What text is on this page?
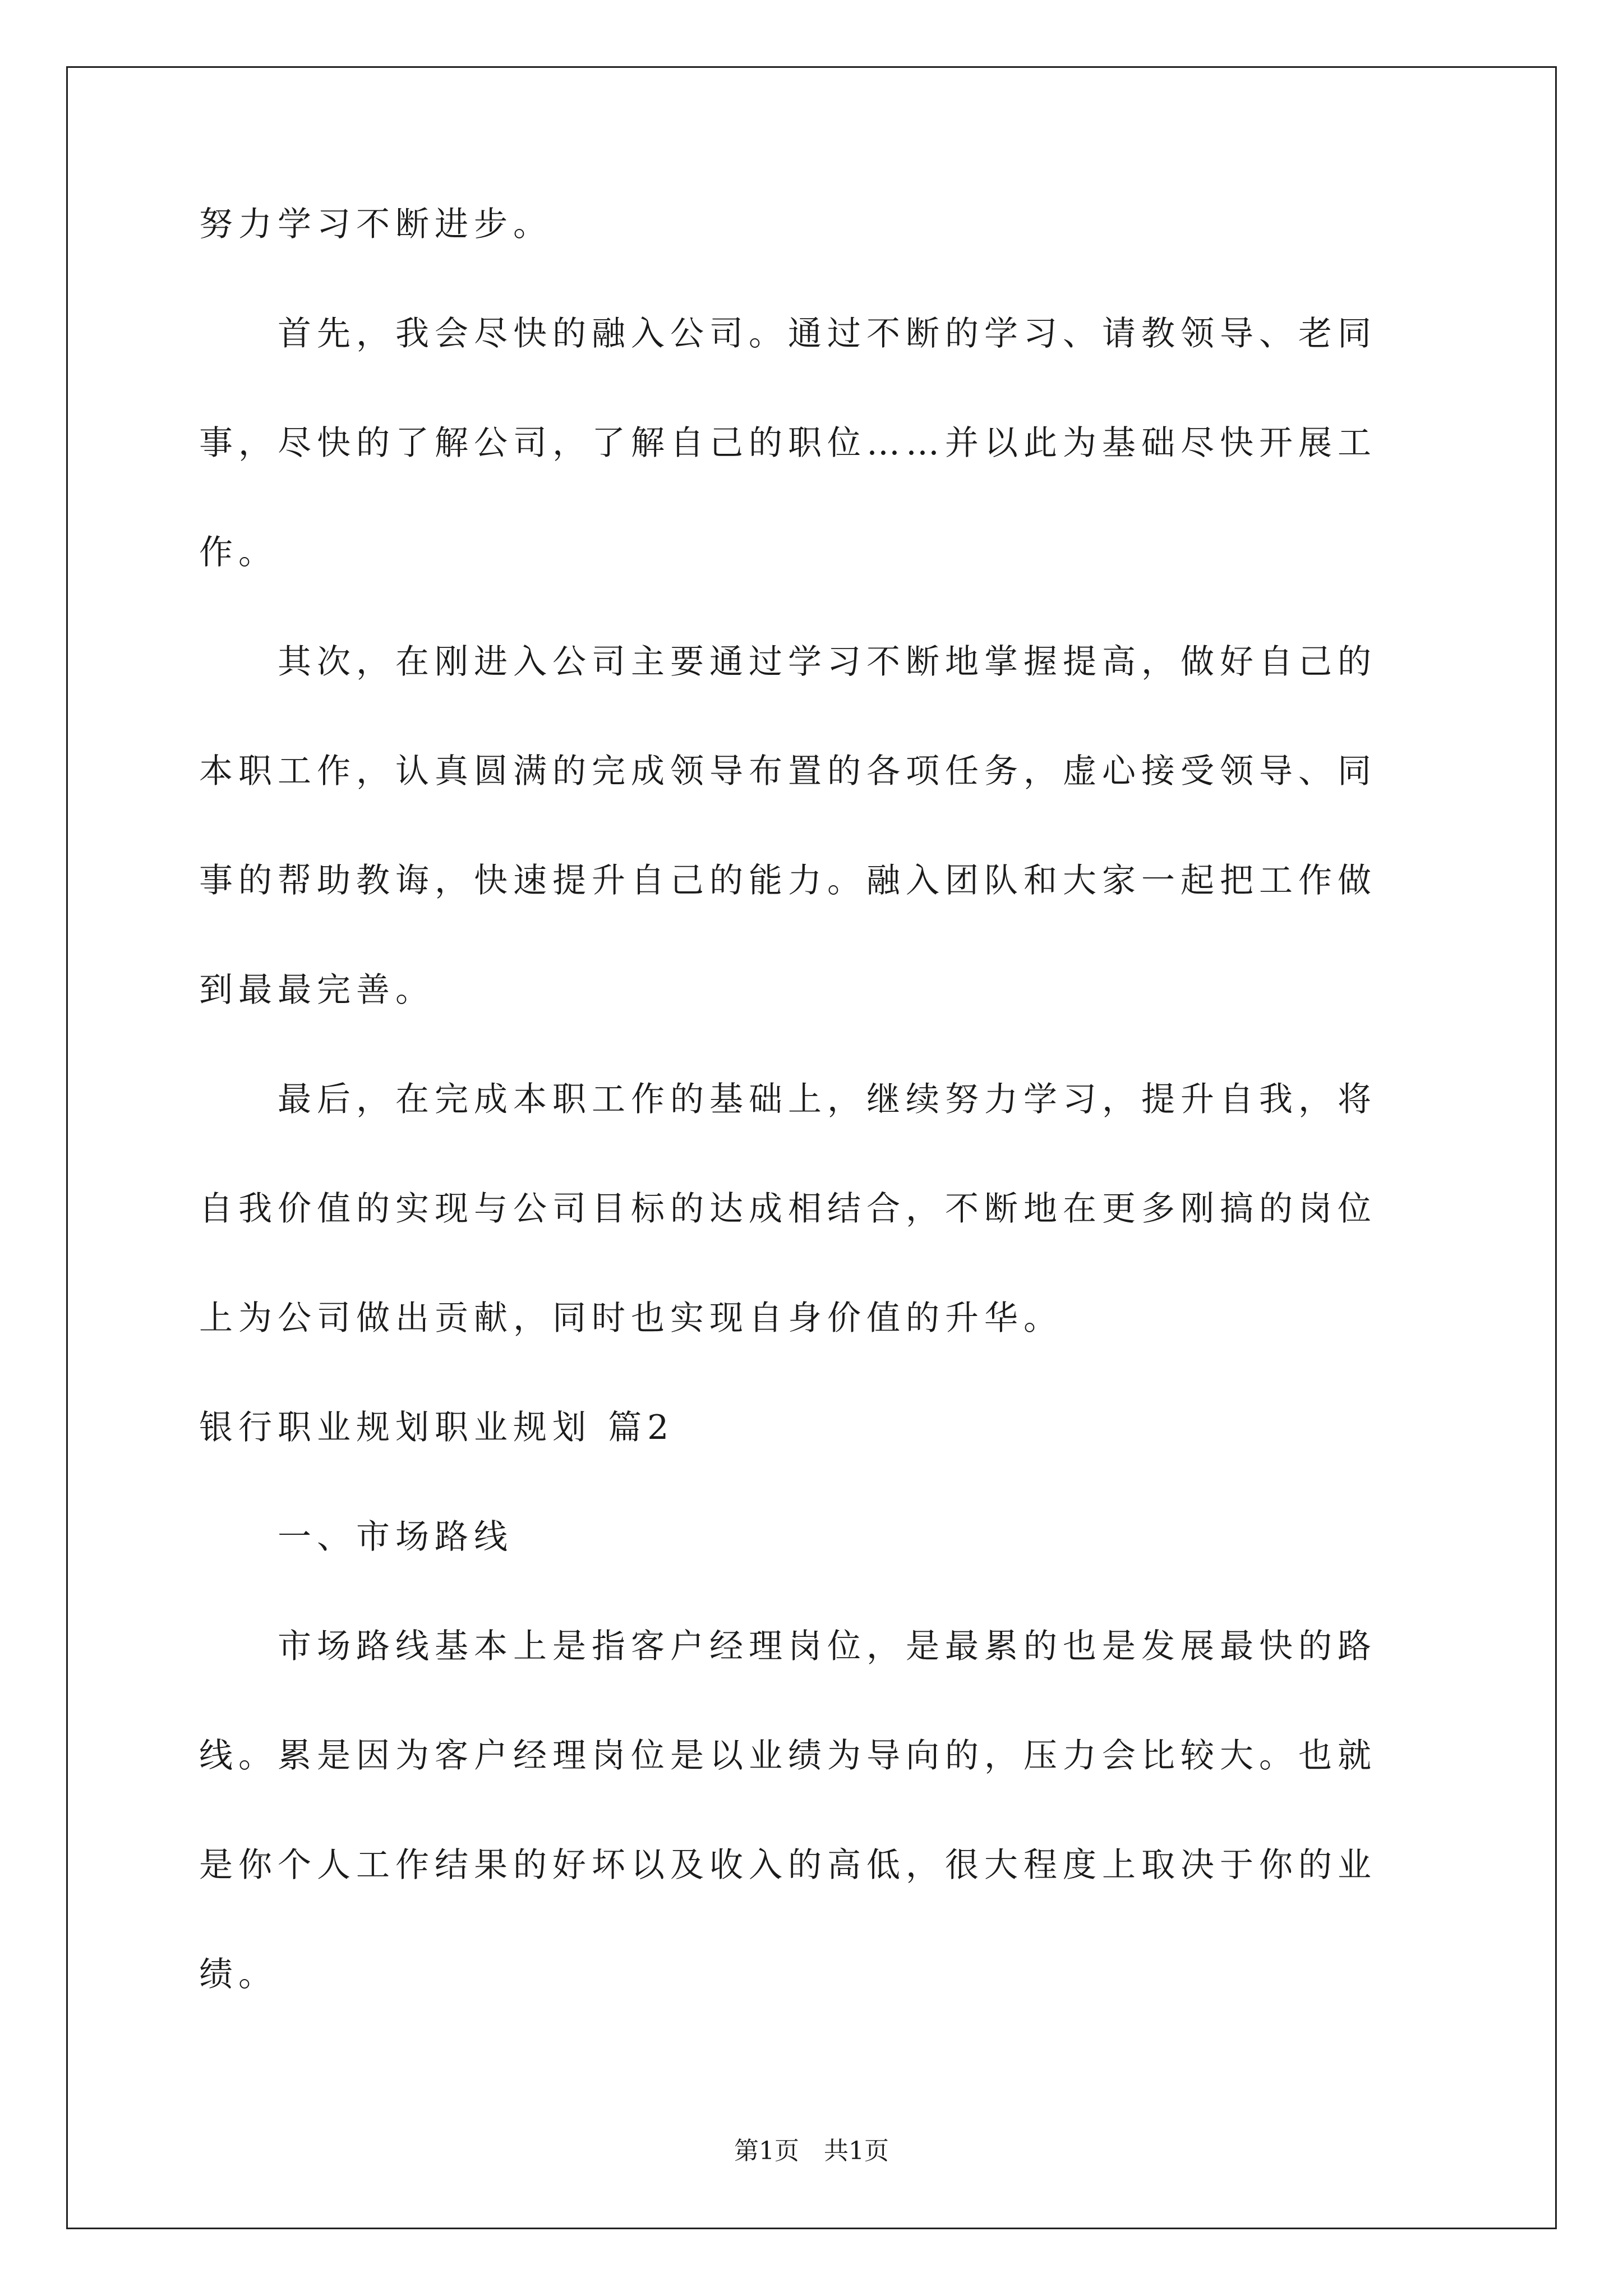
努力学习不断进步。
　　首先，我会尽快的融入公司。通过不断的学习、请教领导、老同
事，尽快的了解公司，了解自己的职位……并以此为基础尽快开展工
作。
　　其次，在刚进入公司主要通过学习不断地掌握提高，做好自己的
本职工作，认真圆满的完成领导布置的各项任务，虚心接受领导、同
事的帮助教诲，快速提升自己的能力。融入团队和大家一起把工作做
到最最完善。
　　最后，在完成本职工作的基础上，继续努力学习，提升自我，将
自我价值的实现与公司目标的达成相结合，不断地在更多刚搞的岗位
上为公司做出贡献，同时也实现自身价值的升华。
银行职业规划职业规划 篇2
　　一、市场路线
　　市场路线基本上是指客户经理岗位，是最累的也是发展最快的路
线。累是因为客户经理岗位是以业绩为导向的，压力会比较大。也就
是你个人工作结果的好坏以及收入的高低，很大程度上取决于你的业
绩。
第1页　共1页
